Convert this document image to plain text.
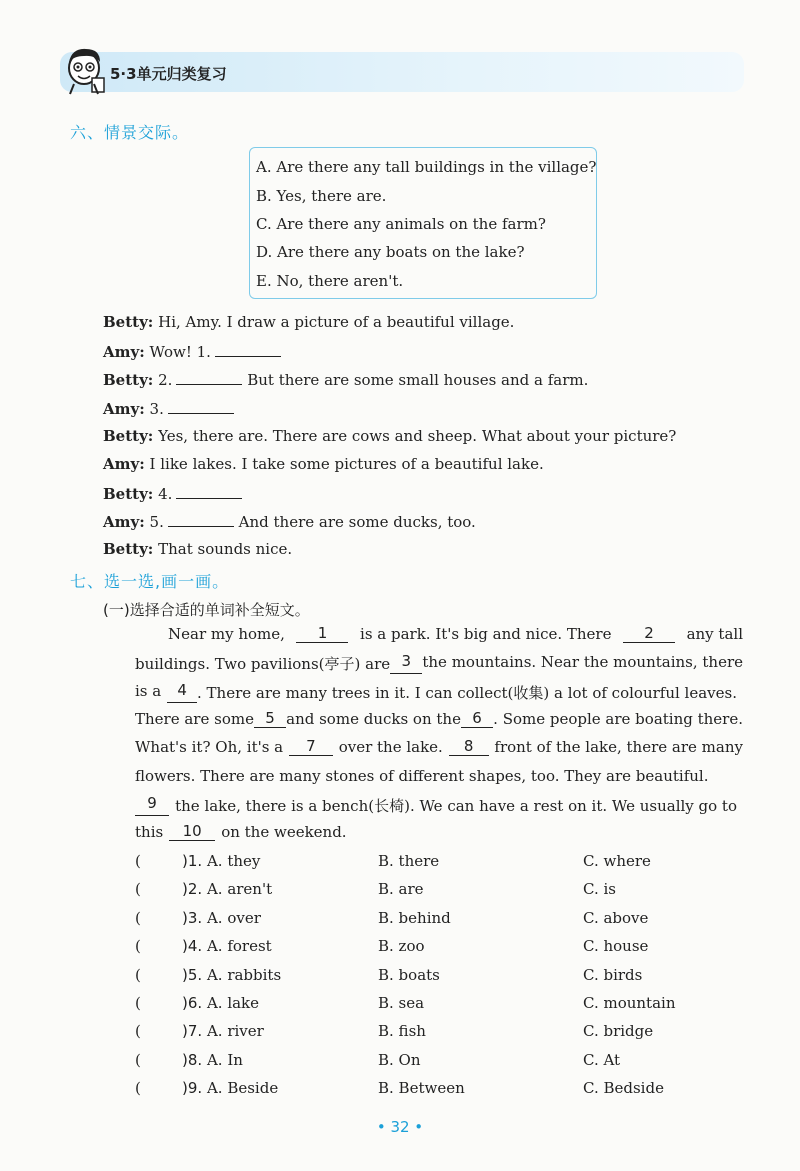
5·3单元归类复习
六、情景交际。
A. Are there any tall buildings in the village?
B. Yes, there are.
C. Are there any animals on the farm?
D. Are there any boats on the lake?
E. No, there aren't.
Betty: Hi, Amy. I draw a picture of a beautiful village.
Amy: Wow! 1.
Betty: 2.	But there are some small houses and a farm.
Amy: 3.
Betty: Yes, there are. There are cows and sheep. What about your picture?
Amy: I like lakes. I take some pictures of a beautiful lake.
Betty: 4.
Amy: 5.	And there are some ducks, too.
Betty: That sounds nice.
七、选一选,画一画。
(一)选择合适的单词补全短文。
Near my home,	1	is a park. It's big and nice. There	2	any tall
buildings. Two pavilions(亭子) are 3 the mountains. Near the mountains, there
is a	4 . There are many trees in it. I can collect(收集) a lot of colourful leaves.
There are some 5 and some ducks on the 6 . Some people are boating there.
What's it? Oh, it's a	7	over the lake.	8	front of the lake, there are many
flowers. There are many stones of different shapes, too. They are beautiful.
9	the lake, there is a bench(长椅). We can have a rest on it. We usually go to
this	10	on the weekend.
(	)1. A. they	B. there	C. where
(	)2. A. aren't	B. are	C. is
(	)3. A. over	B. behind	C. above
(	)4. A. forest	B. zoo	C. house
(	)5. A. rabbits	B. boats	C. birds
(	)6. A. lake	B. sea	C. mountain
(	)7. A. river	B. fish	C. bridge
(	)8. A. In	B. On	C. At
(	)9. A. Beside	B. Between	C. Bedside
• 32 •
